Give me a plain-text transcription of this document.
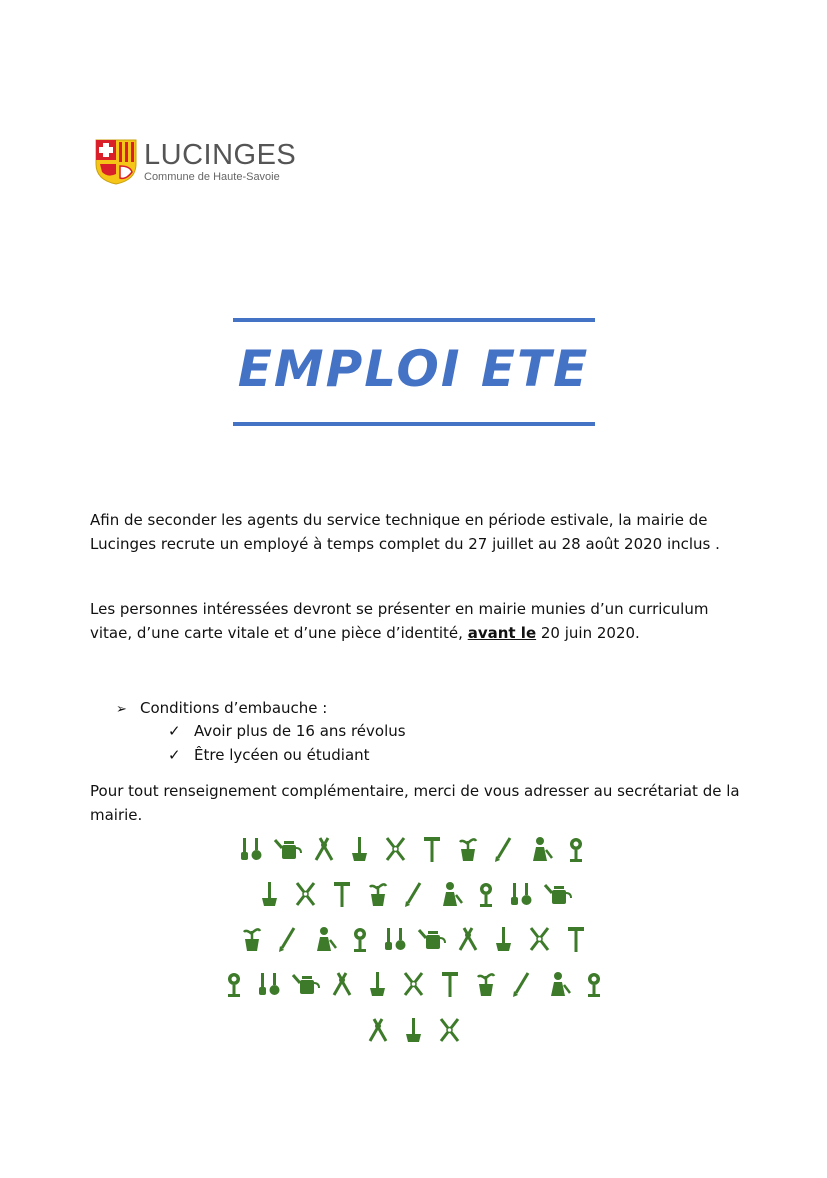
LUCINGES
Commune de Haute-Savoie
EMPLOI ETE

Afin de seconder les agents du service technique en période estivale, la mairie de Lucinges recrute un employé à temps complet du 27 juillet au 28 août 2020 inclus .

Les personnes intéressées devront se présenter en mairie munies d’un curriculum vitae, d’une carte vitale et d’une pièce d’identité, avant le 20 juin 2020.

➢ Conditions d’embauche :
✓ Avoir plus de 16 ans révolus
✓ Être lycéen ou étudiant

Pour tout renseignement complémentaire, merci de vous adresser au secrétariat de la mairie.
